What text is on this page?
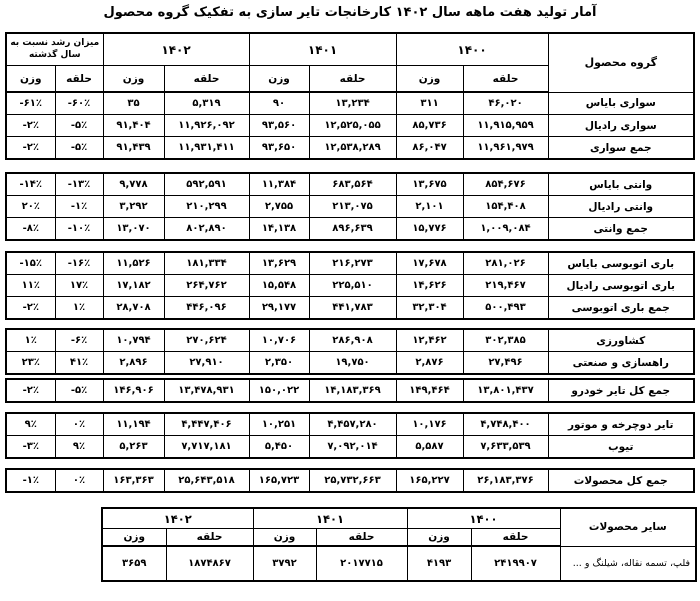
آمار تولید هفت ماهه سال ۱۴۰۲ کارخانجات تایر سازی به تفکیک گروه محصول
میزان رشد نسبت به
سال گذشته		۱۴۰۲		۱۴۰۱		۱۴۰۰		گروه محصول
وزن	حلقه	وزن	حلقه	وزن	حلقه	وزن	حلقه	
-۶۱٪	-۶۰٪	۳۵	۵,۳۱۹	۹۰	۱۳,۲۳۴	۳۱۱	۴۶,۰۲۰	سواری بایاس
-۲٪	-۵٪	۹۱,۴۰۴	۱۱,۹۲۶,۰۹۲	۹۳,۵۶۰	۱۲,۵۲۵,۰۵۵	۸۵,۷۳۶	۱۱,۹۱۵,۹۵۹	سواری رادیال
-۲٪	-۵٪	۹۱,۴۳۹	۱۱,۹۳۱,۴۱۱	۹۳,۶۵۰	۱۲,۵۳۸,۲۸۹	۸۶,۰۴۷	۱۱,۹۶۱,۹۷۹	جمع سواری
-۱۴٪	-۱۳٪	۹,۷۷۸	۵۹۲,۵۹۱	۱۱,۳۸۴	۶۸۳,۵۶۴	۱۳,۶۷۵	۸۵۴,۶۷۶	وانتی بایاس
۲۰٪	-۱٪	۳,۲۹۲	۲۱۰,۲۹۹	۲,۷۵۵	۲۱۳,۰۷۵	۲,۱۰۱	۱۵۴,۴۰۸	وانتی رادیال
-۸٪	-۱۰٪	۱۳,۰۷۰	۸۰۲,۸۹۰	۱۴,۱۳۸	۸۹۶,۶۳۹	۱۵,۷۷۶	۱,۰۰۹,۰۸۴	جمع وانتی
-۱۵٪	-۱۶٪	۱۱,۵۲۶	۱۸۱,۳۳۴	۱۳,۶۲۹	۲۱۶,۲۷۳	۱۷,۶۷۸	۲۸۱,۰۲۶	باری اتوبوسی بایاس
۱۱٪	۱۷٪	۱۷,۱۸۲	۲۶۴,۷۶۲	۱۵,۵۴۸	۲۲۵,۵۱۰	۱۴,۶۲۶	۲۱۹,۴۶۷	باری اتوبوسی رادیال
-۲٪	۱٪	۲۸,۷۰۸	۴۴۶,۰۹۶	۲۹,۱۷۷	۴۴۱,۷۸۳	۳۲,۳۰۴	۵۰۰,۴۹۳	جمع باری اتوبوسی
۱٪	-۶٪	۱۰,۷۹۴	۲۷۰,۶۲۴	۱۰,۷۰۶	۲۸۶,۹۰۸	۱۲,۴۶۲	۳۰۲,۳۸۵	کشاورزی
۲۳٪	۴۱٪	۲,۸۹۶	۲۷,۹۱۰	۲,۳۵۰	۱۹,۷۵۰	۲,۸۷۶	۲۷,۴۹۶	راهسازی و صنعتی
-۲٪	-۵٪	۱۴۶,۹۰۶	۱۳,۴۷۸,۹۳۱	۱۵۰,۰۲۲	۱۴,۱۸۳,۳۶۹	۱۴۹,۴۶۴	۱۳,۸۰۱,۴۳۷	جمع کل تایر خودرو
۹٪	۰٪	۱۱,۱۹۴	۴,۴۴۷,۴۰۶	۱۰,۲۵۱	۴,۴۵۷,۲۸۰	۱۰,۱۷۶	۴,۷۴۸,۴۰۰	تایر دوچرخه و موتور
-۳٪	۹٪	۵,۲۶۳	۷,۷۱۷,۱۸۱	۵,۴۵۰	۷,۰۹۲,۰۱۴	۵,۵۸۷	۷,۶۳۳,۵۳۹	تیوب
-۱٪	۰٪	۱۶۳,۳۶۳	۲۵,۶۴۳,۵۱۸	۱۶۵,۷۲۳	۲۵,۷۳۲,۶۶۳	۱۶۵,۲۲۷	۲۶,۱۸۳,۳۷۶	جمع کل محصولات
۱۴۰۲		۱۴۰۱		۱۴۰۰		سایر محصولات
وزن	حلقه	وزن	حلقه	وزن	حلقه	
۳۶۵۹	۱۸۷۴۸۶۷	۳۷۹۲	۲۰۱۷۷۱۵	۴۱۹۳	۲۴۱۹۹۰۷	فلپ، تسمه نقاله، شیلنگ و ...
